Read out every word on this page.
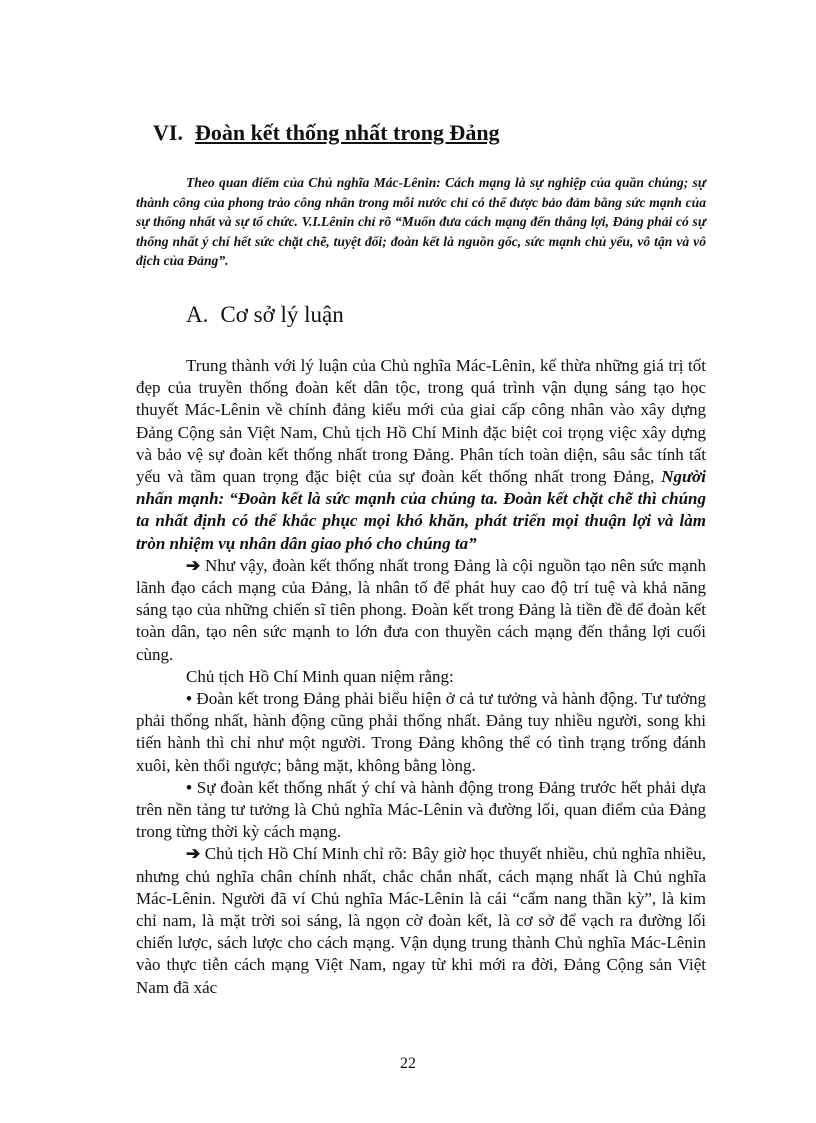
VI. Đoàn kết thống nhất trong Đảng
Theo quan điểm của Chủ nghĩa Mác-Lênin: Cách mạng là sự nghiệp của quần chúng; sự thành công của phong trào công nhân trong mỗi nước chỉ có thể được bảo đảm bằng sức mạnh của sự thống nhất và sự tổ chức. V.I.Lênin chỉ rõ “Muốn đưa cách mạng đến thắng lợi, Đảng phải có sự thống nhất ý chí hết sức chặt chẽ, tuyệt đối; đoàn kết là nguồn gốc, sức mạnh chủ yếu, vô tận và vô địch của Đảng”.
A. Cơ sở lý luận

Trung thành với lý luận của Chủ nghĩa Mác-Lênin, kế thừa những giá trị tốt đẹp của truyền thống đoàn kết dân tộc, trong quá trình vận dụng sáng tạo học thuyết Mác-Lênin về chính đảng kiểu mới của giai cấp công nhân vào xây dựng Đảng Cộng sản Việt Nam, Chủ tịch Hồ Chí Minh đặc biệt coi trọng việc xây dựng và bảo vệ sự đoàn kết thống nhất trong Đảng. Phân tích toàn diện, sâu sắc tính tất yếu và tầm quan trọng đặc biệt của sự đoàn kết thống nhất trong Đảng, Người nhấn mạnh: “Đoàn kết là sức mạnh của chúng ta. Đoàn kết chặt chẽ thì chúng ta nhất định có thể khắc phục mọi khó khăn, phát triển mọi thuận lợi và làm tròn nhiệm vụ nhân dân giao phó cho chúng ta”

➔ Như vậy, đoàn kết thống nhất trong Đảng là cội nguồn tạo nên sức mạnh lãnh đạo cách mạng của Đảng, là nhân tố để phát huy cao độ trí tuệ và khả năng sáng tạo của những chiến sĩ tiên phong. Đoàn kết trong Đảng là tiền đề để đoàn kết toàn dân, tạo nên sức mạnh to lớn đưa con thuyền cách mạng đến thắng lợi cuối cùng.

Chủ tịch Hồ Chí Minh quan niệm rằng:

• Đoàn kết trong Đảng phải biểu hiện ở cả tư tưởng và hành động. Tư tưởng phải thống nhất, hành động cũng phải thống nhất. Đảng tuy nhiều người, song khi tiến hành thì chỉ như một người. Trong Đảng không thể có tình trạng trống đánh xuôi, kèn thổi ngược; bằng mặt, không bằng lòng.

• Sự đoàn kết thống nhất ý chí và hành động trong Đảng trước hết phải dựa trên nền tảng tư tưởng là Chủ nghĩa Mác-Lênin và đường lối, quan điểm của Đảng trong từng thời kỳ cách mạng.

➔ Chủ tịch Hồ Chí Minh chỉ rõ: Bây giờ học thuyết nhiều, chủ nghĩa nhiều, nhưng chủ nghĩa chân chính nhất, chắc chắn nhất, cách mạng nhất là Chủ nghĩa Mác-Lênin. Người đã ví Chủ nghĩa Mác-Lênin là cái “cẩm nang thần kỳ”, là kim chỉ nam, là mặt trời soi sáng, là ngọn cờ đoàn kết, là cơ sở để vạch ra đường lối chiến lược, sách lược cho cách mạng. Vận dụng trung thành Chủ nghĩa Mác-Lênin vào thực tiễn cách mạng Việt Nam, ngay từ khi mới ra đời, Đảng Cộng sản Việt Nam đã xác

22
